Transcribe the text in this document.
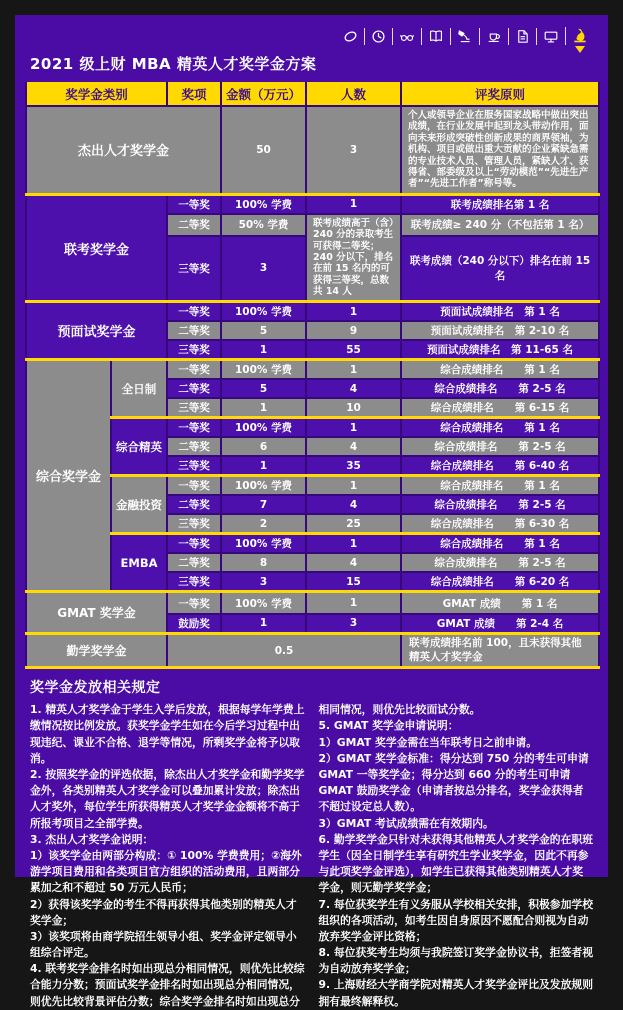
2021 级上财 MBA 精英人才奖学金方案
奖学金类别		奖项	金额（万元）	人数	评奖原则
杰出人才奖学金			50	3	个人或领导企业在服务国家战略中做出突出成绩，在行业发展中起到龙头带动作用，面向未来形成突破性创新成果的商界领袖，为机构、项目或做出重大贡献的企业紧缺急需的专业技术人员、管理人员，紧缺人才、获得省、部委级及以上“劳动模范”“先进生产者”“先进工作者”称号等。
联考奖学金		一等奖	100% 学费	1	联考成绩排名第 1 名
		二等奖	50% 学费	联考成绩高于（含）240 分的录取考生可获得二等奖；240 分以下，排名在前 15 名内的可获得三等奖，总数共 14 人	联考成绩≥ 240 分（不包括第 1 名）
		三等奖	3		联考成绩（240 分以下）排名在前 15 名
预面试奖学金		一等奖	100% 学费	1	预面试成绩排名　第 1 名
		二等奖	5	9	预面试成绩排名　第 2-10 名
		三等奖	1	55	预面试成绩排名　第 11-65 名
综合奖学金	全日制	一等奖	100% 学费	1	综合成绩排名　　第 1 名
		二等奖	5	4	综合成绩排名　　第 2-5 名
		三等奖	1	10	综合成绩排名　　第 6-15 名
	综合精英	一等奖	100% 学费	1	综合成绩排名　　第 1 名
		二等奖	6	4	综合成绩排名　　第 2-5 名
		三等奖	1	35	综合成绩排名　　第 6-40 名
	金融投资	一等奖	100% 学费	1	综合成绩排名　　第 1 名
		二等奖	7	4	综合成绩排名　　第 2-5 名
		三等奖	2	25	综合成绩排名　　第 6-30 名
	EMBA	一等奖	100% 学费	1	综合成绩排名　　第 1 名
		二等奖	8	4	综合成绩排名　　第 2-5 名
		三等奖	3	15	综合成绩排名　　第 6-20 名
GMAT 奖学金		一等奖	100% 学费	1	GMAT 成绩　　第 1 名
		鼓励奖	1	3	GMAT 成绩　　第 2-4 名
勤学奖学金		0.5			联考成绩排名前 100，且未获得其他精英人才奖学金
奖学金发放相关规定

1. 精英人才奖学金于学生入学后发放，根据每学年学费上缴情况按比例发放。获奖学金学生如在今后学习过程中出现违纪、课业不合格、退学等情况，所剩奖学金将予以取消。

2. 按照奖学金的评选依据，除杰出人才奖学金和勤学奖学金外，各类别精英人才奖学金可以叠加累计发放；除杰出人才奖外，每位学生所获得精英人才奖学金金额将不高于所报考项目之全部学费。

3. 杰出人才奖学金说明：

1）该奖学金由两部分构成：① 100% 学费费用；②海外游学项目费用和各类项目官方组织的活动费用，且两部分累加之和不超过 50 万元人民币；

2）获得该奖学金的考生不得再获得其他类别的精英人才奖学金；

3）该奖项将由商学院招生领导小组、奖学金评定领导小组综合评定。

4. 联考奖学金排名时如出现总分相同情况，则优先比较综合能力分数；预面试奖学金排名时如出现总分相同情况，则优先比较背景评估分数；综合奖学金排名时如出现总分

相同情况，则优先比较面试分数。

5. GMAT 奖学金申请说明：

1）GMAT 奖学金需在当年联考日之前申请。

2）GMAT 奖学金标准：得分达到 750 分的考生可申请 GMAT 一等奖学金；得分达到 660 分的考生可申请 GMAT 鼓励奖学金（申请者按总分排名，奖学金获得者不超过设定总人数）。

3）GMAT 考试成绩需在有效期内。

6. 勤学奖学金只针对未获得其他精英人才奖学金的在职班学生（因全日制学生享有研究生学业奖学金，因此不再参与此项奖学金评选），如学生已获得其他类别精英人才奖学金，则无勤学奖学金；

7. 每位获奖学生有义务服从学校相关安排，积极参加学校组织的各项活动，如考生因自身原因不愿配合则视为自动放弃奖学金评比资格；

8. 每位获奖考生均须与我院签订奖学金协议书，拒签者视为自动放弃奖学金；

9. 上海财经大学商学院对精英人才奖学金评比及发放规则拥有最终解释权。
